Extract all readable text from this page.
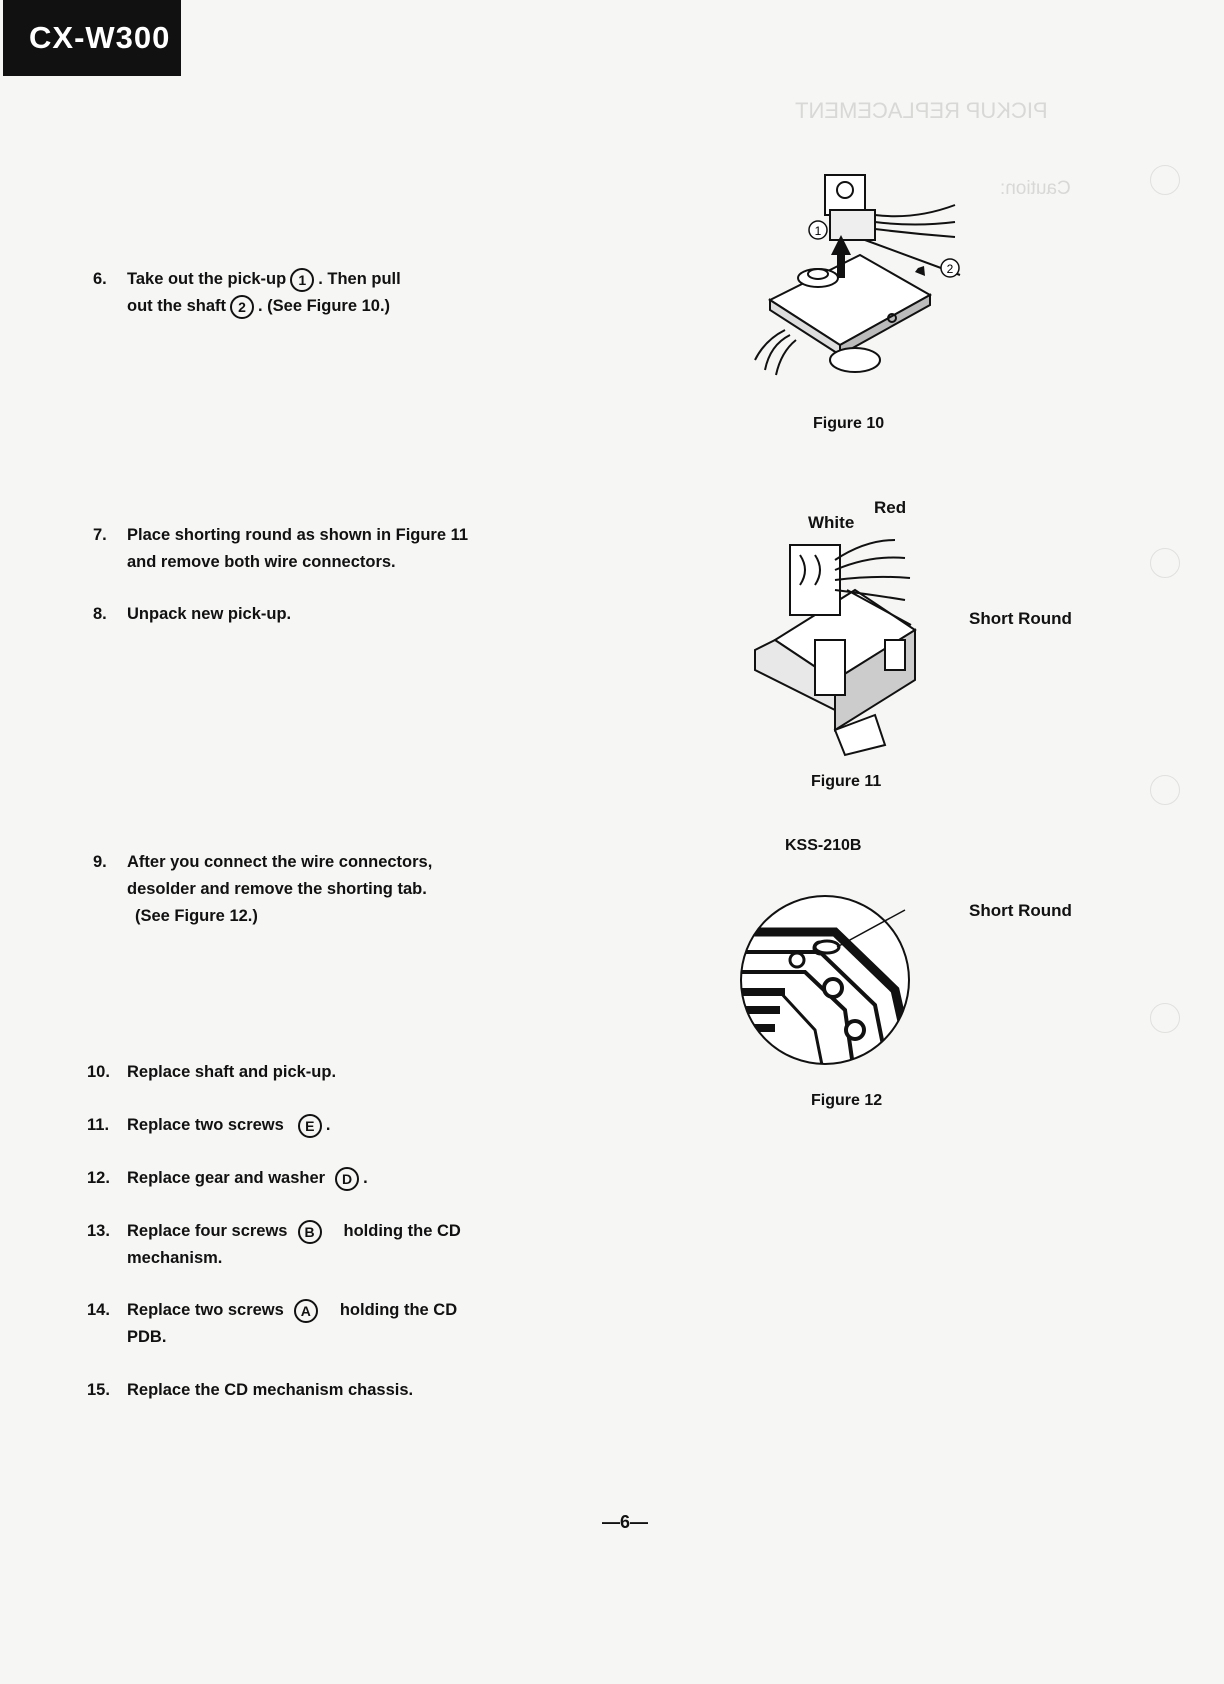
CX-W300
PICKUP REPLACEMENT
Caution:
6.	Take out the pick-up 1 . Then pull
out the shaft 2 . (See Figure 10.)
7.	Place shorting round as shown in Figure 11
and remove both wire connectors.
8.	Unpack new pick-up.
9.	After you connect the wire connectors,
desolder and remove the shorting tab.
(See Figure 12.)
10.	Replace shaft and pick-up.
11.	Replace two screws E .
12.	Replace gear and washer D .
13.	Replace four screws B holding the CD
mechanism.
14.	Replace two screws A holding the CD
PDB.
15.	Replace the CD mechanism chassis.
1
2
Figure 10
Red
White
Short Round
Figure 11
KSS-210B
Short Round
Figure 12
—6—
